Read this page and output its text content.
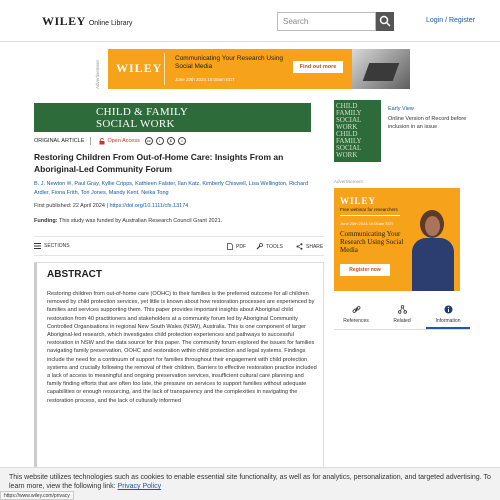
WILEY Online Library	Search	Login / Register
Advertisement WILEY
Communicating Your Research Using Social Media
June 20th 2024 10:00am EDT
Find out more
CHILD & FAMILY
SOCIAL WORK
ORIGINAL ARTICLE	Open Access	cc	i	$	=
Restoring Children From Out-of-Home Care: Insights From an Aboriginal-Led Community Forum
B. J. Newton ✉, Paul Gray, Kyllie Cripps, Kathleen Falster, Ilan Katz, Kimberly Chiswell, Lisa Wellington, Richard Ardler, Fiona Frith, Tori Jones, Mandy Kent, Neika Tong
First published: 22 April 2024 | https://doi.org/10.1111/cfs.13174
Funding: This study was funded by Australian Research Council Grant 2021.
SECTIONS	PDF	TOOLS	SHARE
ABSTRACT

Restoring children from out-of-home care (OOHC) to their families is the preferred outcome for all children removed by child protection services, yet little is known about how restoration processes are experienced by families and services supporting them. This paper provides important insights about Aboriginal child restoration from 40 practitioners and stakeholders at a community forum led by Aboriginal Community Controlled Organisations in regional New South Wales (NSW), Australia. This is one component of larger Aboriginal-led research, which investigates child protection experiences and pathways to successful restoration in NSW and the data source for this paper. The community forum explored the issues for families navigating family preservation, OOHC and restoration within child protection and legal systems. Findings include the need for a continuum of support for families throughout their engagement with child protection systems and crucially following the removal of their children. Barriers to effective restoration practice included a lack of access to meaningful and ongoing preservation services, insufficient cultural care planning and family finding efforts that are often too late, the pressure on services to support families without adequate capabilities or enough resourcing, and the lack of transparency and the complexities in navigating the restoration process, and the lack of culturally informed

CHILD
FAMILY
SOCIAL
WORK
CHILD
FAMILY
SOCIAL
WORK
Early View
Online Version of Record before inclusion in an issue
Advertisement
WILEY
Free webinar for researchers
June 20th 2024 10:00am EDT
Communicating Your Research Using Social Media
Register now
References	Related	Information

This website utilizes technologies such as cookies to enable essential site functionality, as well as for analytics, personalization, and targeted advertising. To learn more, view the following link: Privacy Policy

https://www.wiley.com/privacy
